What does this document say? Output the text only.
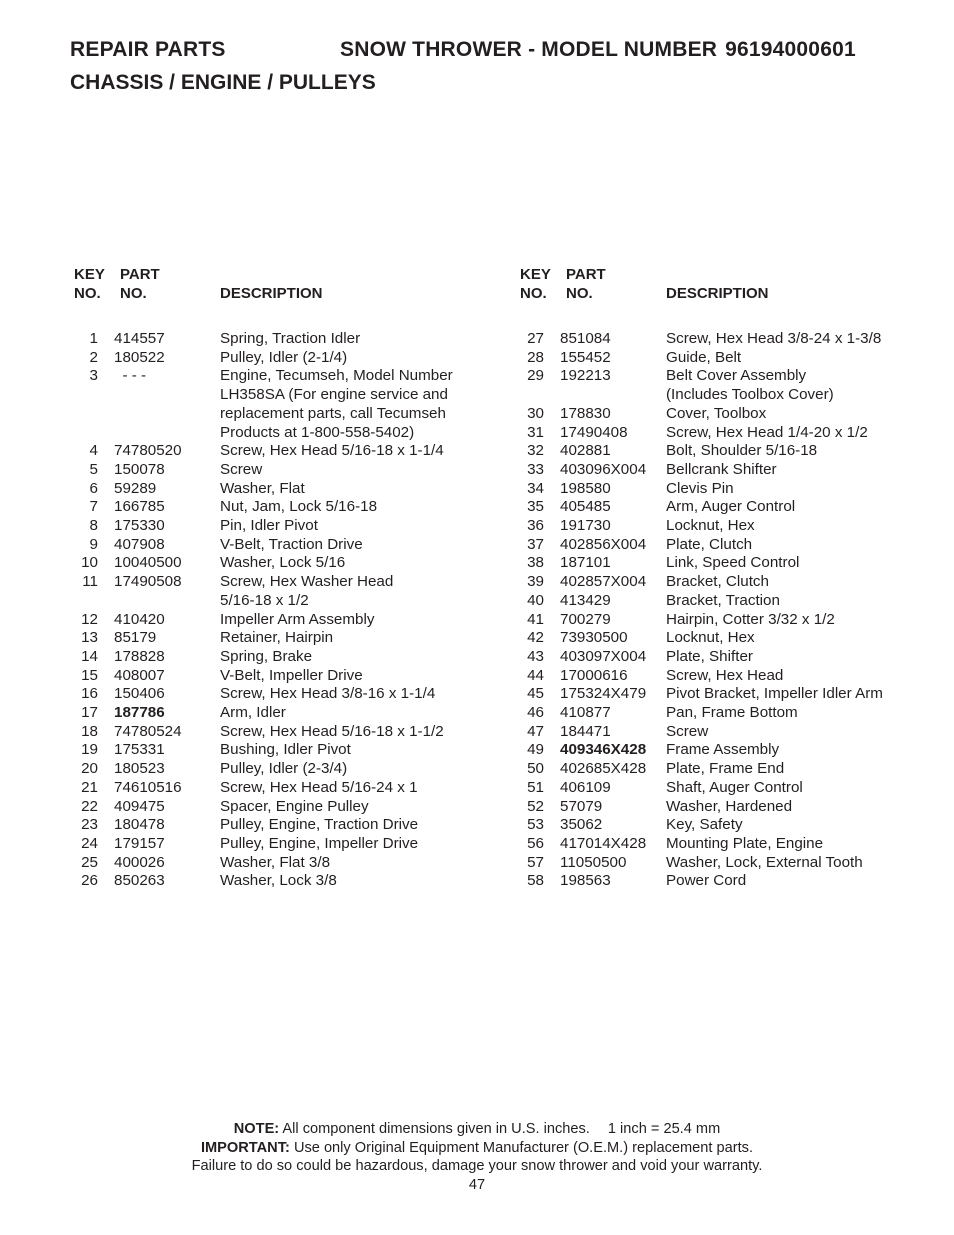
REPAIR PARTS	SNOW THROWER - MODEL NUMBER 96194000601
CHASSIS / ENGINE / PULLEYS
KEY
NO.
PART
NO.	DESCRIPTION
1 414557	Spring, Traction Idler
2 180522	Pulley, Idler (2-1/4)
3 - - -	Engine, Tecumseh, Model Number
LH358SA (For engine service and
replacement parts, call Tecumseh
Products at 1-800-558-5402)
4 74780520	Screw, Hex Head 5/16-18 x 1-1/4
5 150078	Screw
6 59289	Washer, Flat
7 166785	Nut, Jam, Lock 5/16-18
8 175330	Pin, Idler Pivot
9 407908	V-Belt, Traction Drive
10 10040500	Washer, Lock 5/16
11 17490508	Screw, Hex Washer Head
5/16-18 x 1/2
12 410420	Impeller Arm Assembly
13 85179	Retainer, Hairpin
14 178828	Spring, Brake
15 408007	V-Belt, Impeller Drive
16 150406	Screw, Hex Head 3/8-16 x 1-1/4
17 187786	Arm, Idler
18 74780524	Screw, Hex Head 5/16-18 x 1-1/2
19 175331	Bushing, Idler Pivot
20 180523	Pulley, Idler (2-3/4)
21 74610516	Screw, Hex Head 5/16-24 x 1
22 409475	Spacer, Engine Pulley
23 180478	Pulley, Engine, Traction Drive
24 179157	Pulley, Engine, Impeller Drive
25 400026	Washer, Flat 3/8
26 850263	Washer, Lock 3/8
KEY
NO.
PART
NO.	DESCRIPTION
27 851084	Screw, Hex Head 3/8-24 x 1-3/8
28 155452	Guide, Belt
29 192213	Belt Cover Assembly
(Includes Toolbox Cover)
30 178830	Cover, Toolbox
31 17490408	Screw, Hex Head 1/4-20 x 1/2
32 402881	Bolt, Shoulder 5/16-18
33 403096X004	Bellcrank Shifter
34 198580	Clevis Pin
35 405485	Arm, Auger Control
36 191730	Locknut, Hex
37 402856X004	Plate, Clutch
38 187101	Link, Speed Control
39 402857X004	Bracket, Clutch
40 413429	Bracket, Traction
41 700279	Hairpin, Cotter 3/32 x 1/2
42 73930500	Locknut, Hex
43 403097X004	Plate, Shifter
44 17000616	Screw, Hex Head
45 175324X479	Pivot Bracket, Impeller Idler Arm
46 410877	Pan, Frame Bottom
47 184471	Screw
49 409346X428	Frame Assembly
50 402685X428	Plate, Frame End
51 406109	Shaft, Auger Control
52 57079	Washer, Hardened
53 35062	Key, Safety
56 417014X428	Mounting Plate, Engine
57 11050500	Washer, Lock, External Tooth
58 198563	Power Cord
NOTE: All component dimensions given in U.S. inches. 1 inch = 25.4 mm
IMPORTANT: Use only Original Equipment Manufacturer (O.E.M.) replacement parts.
Failure to do so could be hazardous, damage your snow thrower and void your warranty.
47
